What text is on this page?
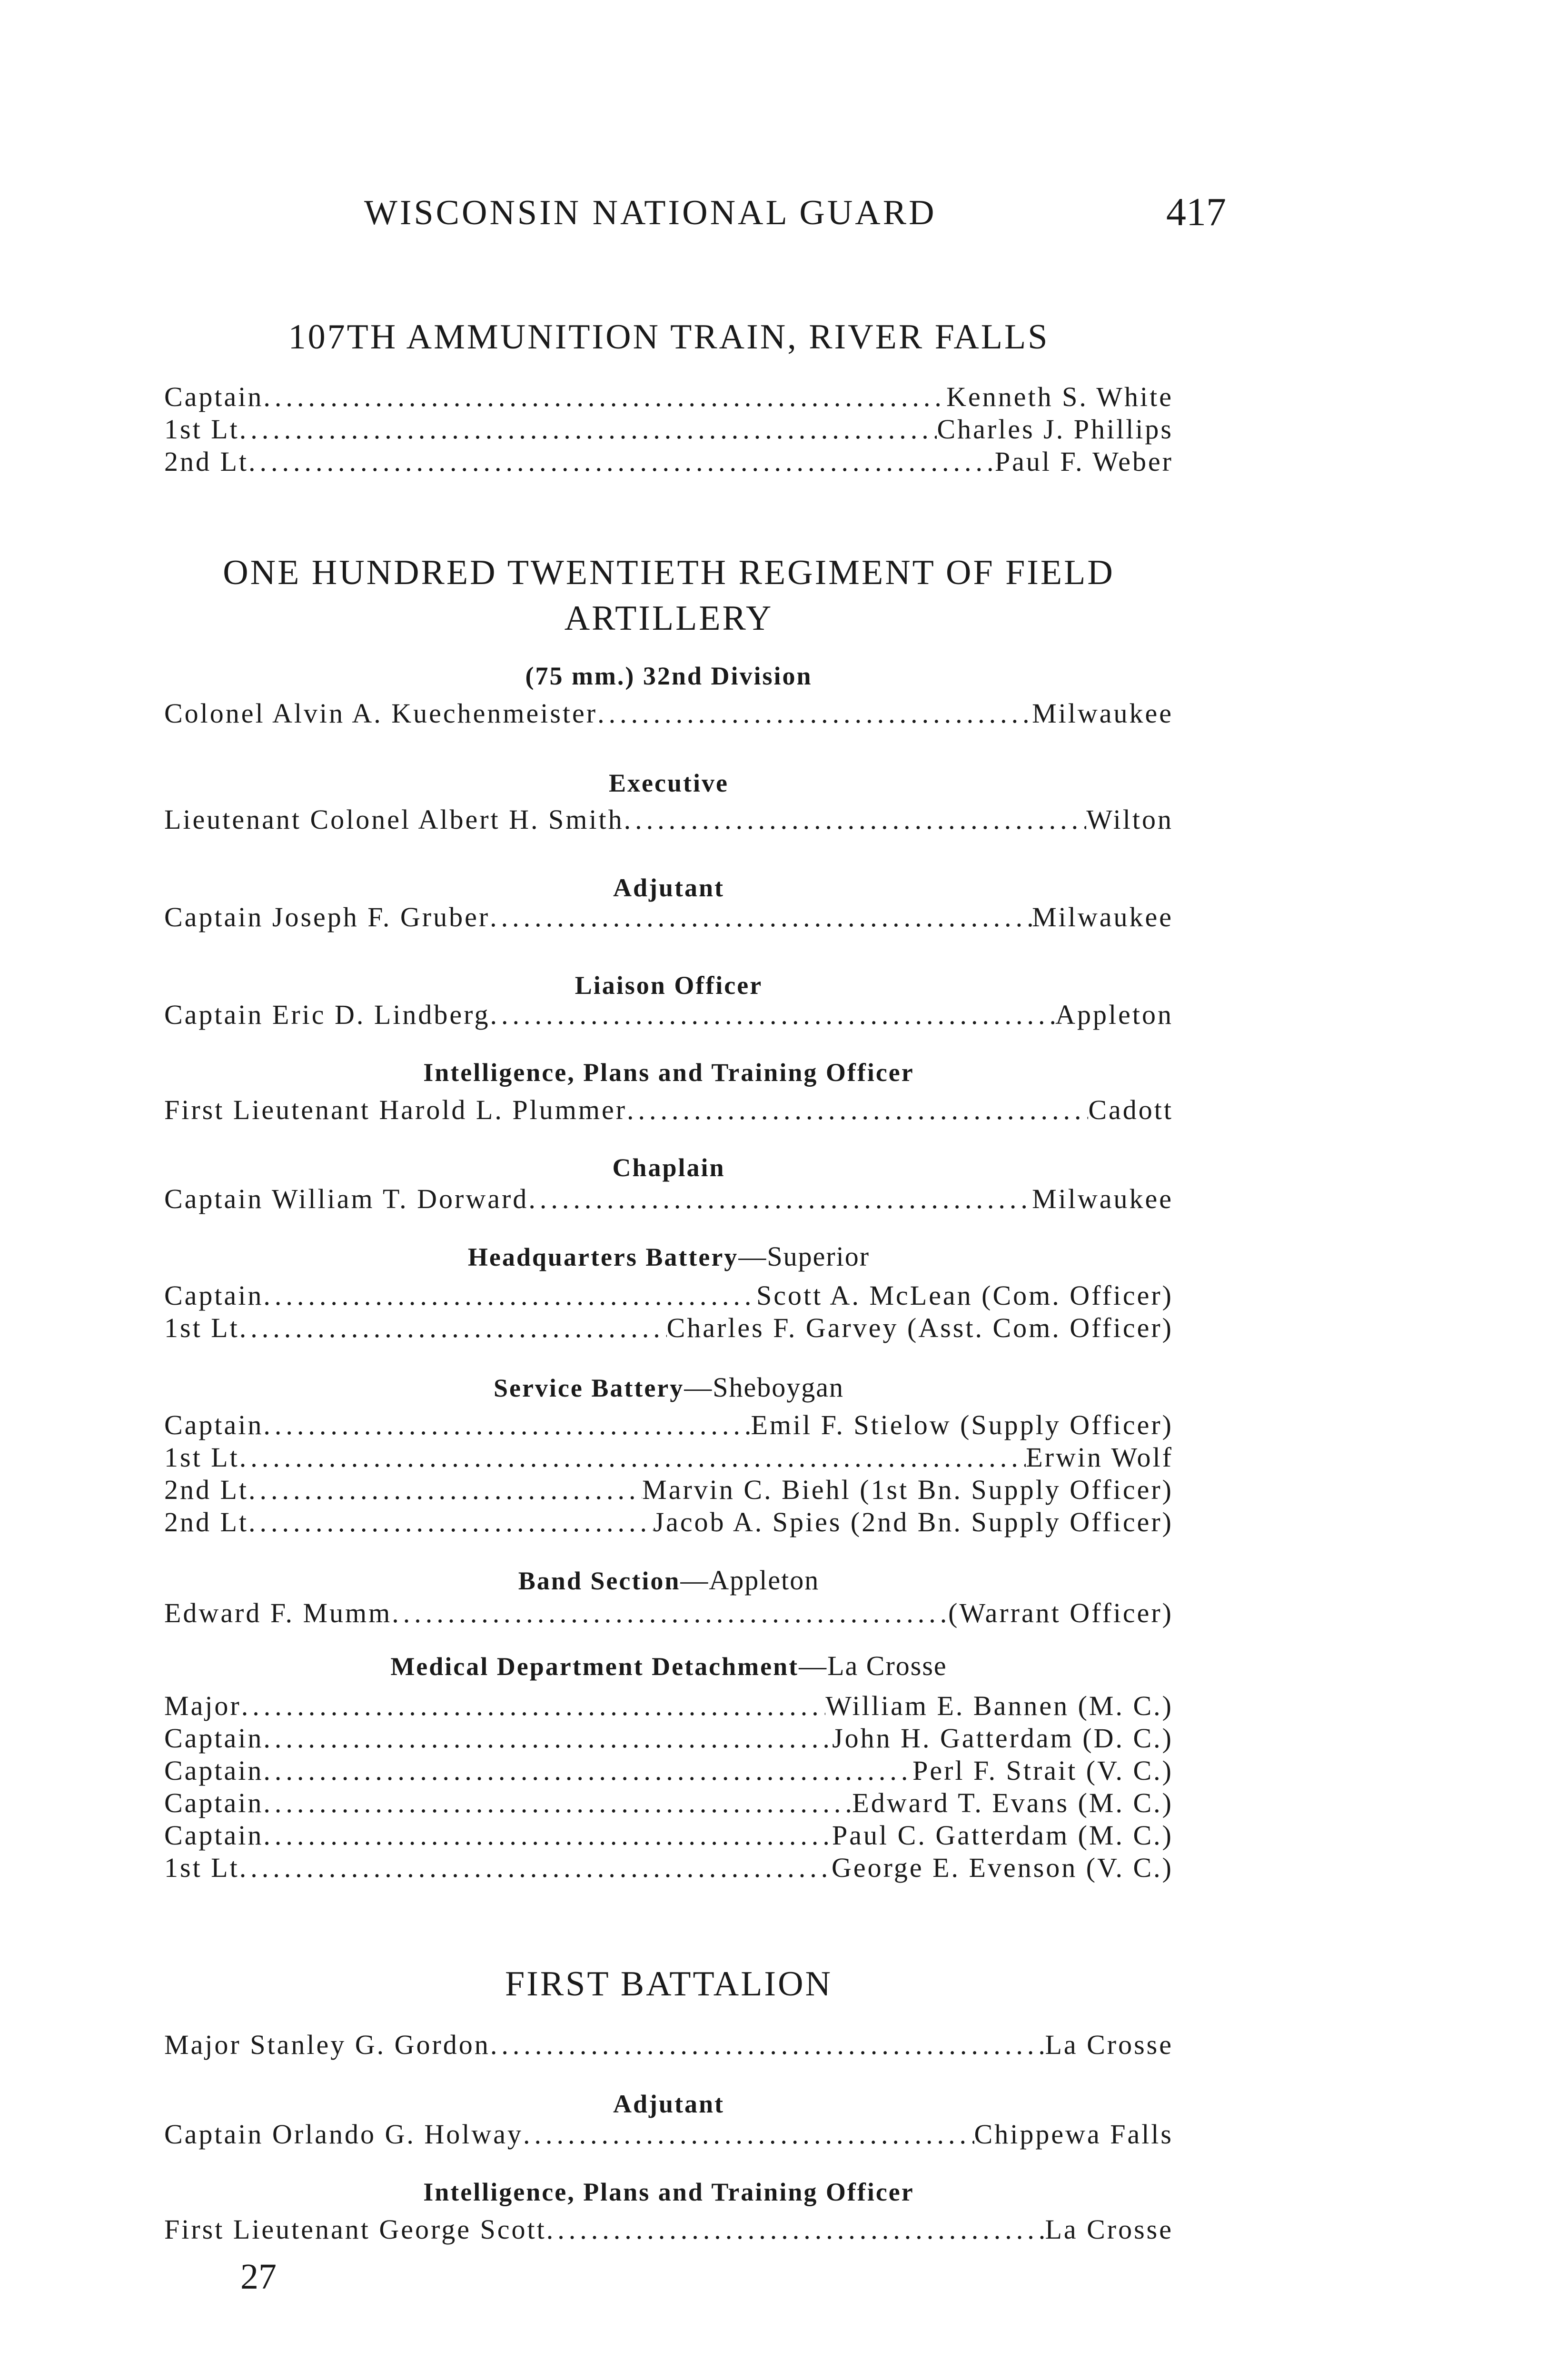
WISCONSIN NATIONAL GUARD	417
107TH AMMUNITION TRAIN, RIVER FALLS
Captain .....	Kenneth S. White
1st Lt .....	Charles J. Phillips
2nd Lt .....	Paul F. Weber
ONE HUNDRED TWENTIETH REGIMENT OF FIELD
ARTILLERY

(75 mm.) 32nd Division

Colonel Alvin A. Kuechenmeister .....	Milwaukee

Executive

Lieutenant Colonel Albert H. Smith .....	Wilton

Adjutant

Captain Joseph F. Gruber .....	Milwaukee

Liaison Officer

Captain Eric D. Lindberg .....	Appleton

Intelligence, Plans and Training Officer

First Lieutenant Harold L. Plummer .....	Cadott

Chaplain

Captain William T. Dorward .....	Milwaukee

Headquarters Battery—Superior

Captain .....	Scott A. McLean (Com. Officer)
1st Lt .....	Charles F. Garvey (Asst. Com. Officer)

Service Battery—Sheboygan

Captain .....	Emil F. Stielow (Supply Officer)
1st Lt .....	Erwin Wolf
2nd Lt .....	Marvin C. Biehl (1st Bn. Supply Officer)
2nd Lt .....	Jacob A. Spies (2nd Bn. Supply Officer)

Band Section—Appleton

Edward F. Mumm .....	(Warrant Officer)

Medical Department Detachment—La Crosse

Major .....	William E. Bannen (M. C.)
Captain .....	John H. Gatterdam (D. C.)
Captain .....	Perl F. Strait (V. C.)
Captain .....	Edward T. Evans (M. C.)
Captain .....	Paul C. Gatterdam (M. C.)
1st Lt .....	George E. Evenson (V. C.)
FIRST BATTALION
Major Stanley G. Gordon .....	La Crosse

Adjutant

Captain Orlando G. Holway .....	Chippewa Falls

Intelligence, Plans and Training Officer

First Lieutenant George Scott .....	La Crosse
27
